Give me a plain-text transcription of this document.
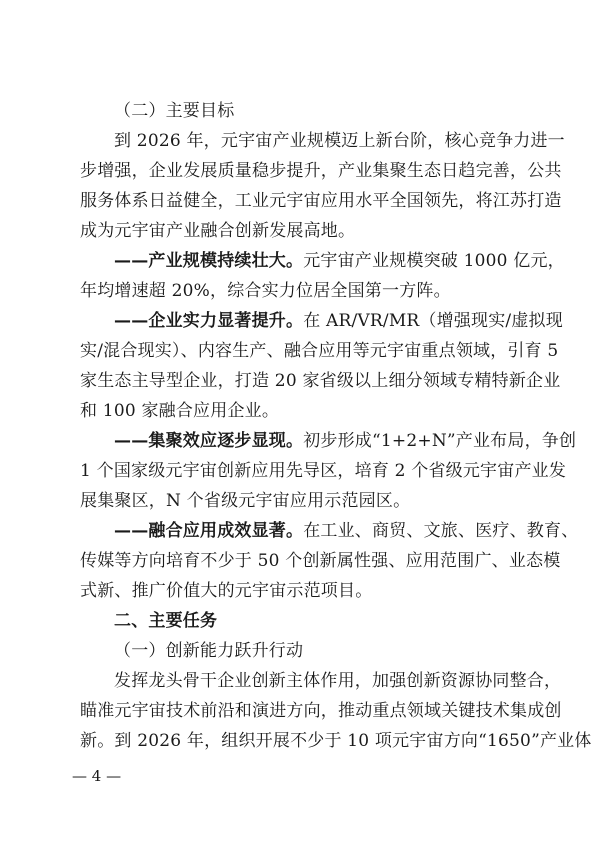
（二）主要目标
到 2026 年，元宇宙产业规模迈上新台阶，核心竞争力进一
步增强，企业发展质量稳步提升，产业集聚生态日趋完善，公共
服务体系日益健全，工业元宇宙应用水平全国领先，将江苏打造
成为元宇宙产业融合创新发展高地。
——产业规模持续壮大。元宇宙产业规模突破 1000 亿元，
年均增速超 20%，综合实力位居全国第一方阵。
——企业实力显著提升。在 AR/VR/MR（增强现实/虚拟现
实/混合现实）、内容生产、融合应用等元宇宙重点领域，引育 5
家生态主导型企业，打造 20 家省级以上细分领域专精特新企业
和 100 家融合应用企业。
——集聚效应逐步显现。初步形成“1+2+N”产业布局，争创
1 个国家级元宇宙创新应用先导区，培育 2 个省级元宇宙产业发
展集聚区，N 个省级元宇宙应用示范园区。
——融合应用成效显著。在工业、商贸、文旅、医疗、教育、
传媒等方向培育不少于 50 个创新属性强、应用范围广、业态模
式新、推广价值大的元宇宙示范项目。
二、主要任务
（一）创新能力跃升行动
发挥龙头骨干企业创新主体作用，加强创新资源协同整合，
瞄准元宇宙技术前沿和演进方向，推动重点领域关键技术集成创
新。到 2026 年，组织开展不少于 10 项元宇宙方向“1650”产业体
— 4 —
